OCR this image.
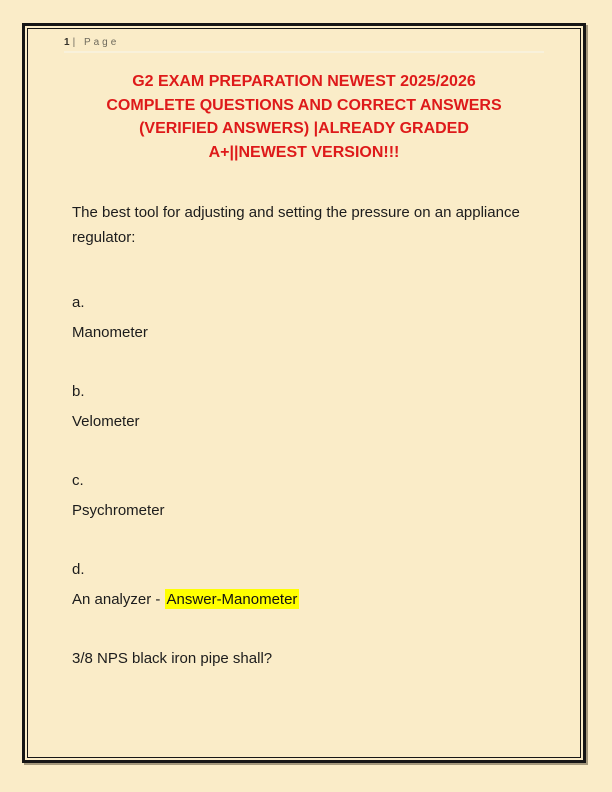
1 | Page
G2 EXAM PREPARATION NEWEST 2025/2026
COMPLETE QUESTIONS AND CORRECT ANSWERS
(VERIFIED ANSWERS) |ALREADY GRADED
A+||NEWEST VERSION!!!

The best tool for adjusting and setting the pressure on an appliance regulator:

a.

Manometer

b.

Velometer

c.

Psychrometer

d.

An analyzer - Answer-Manometer

3/8 NPS black iron pipe shall?
